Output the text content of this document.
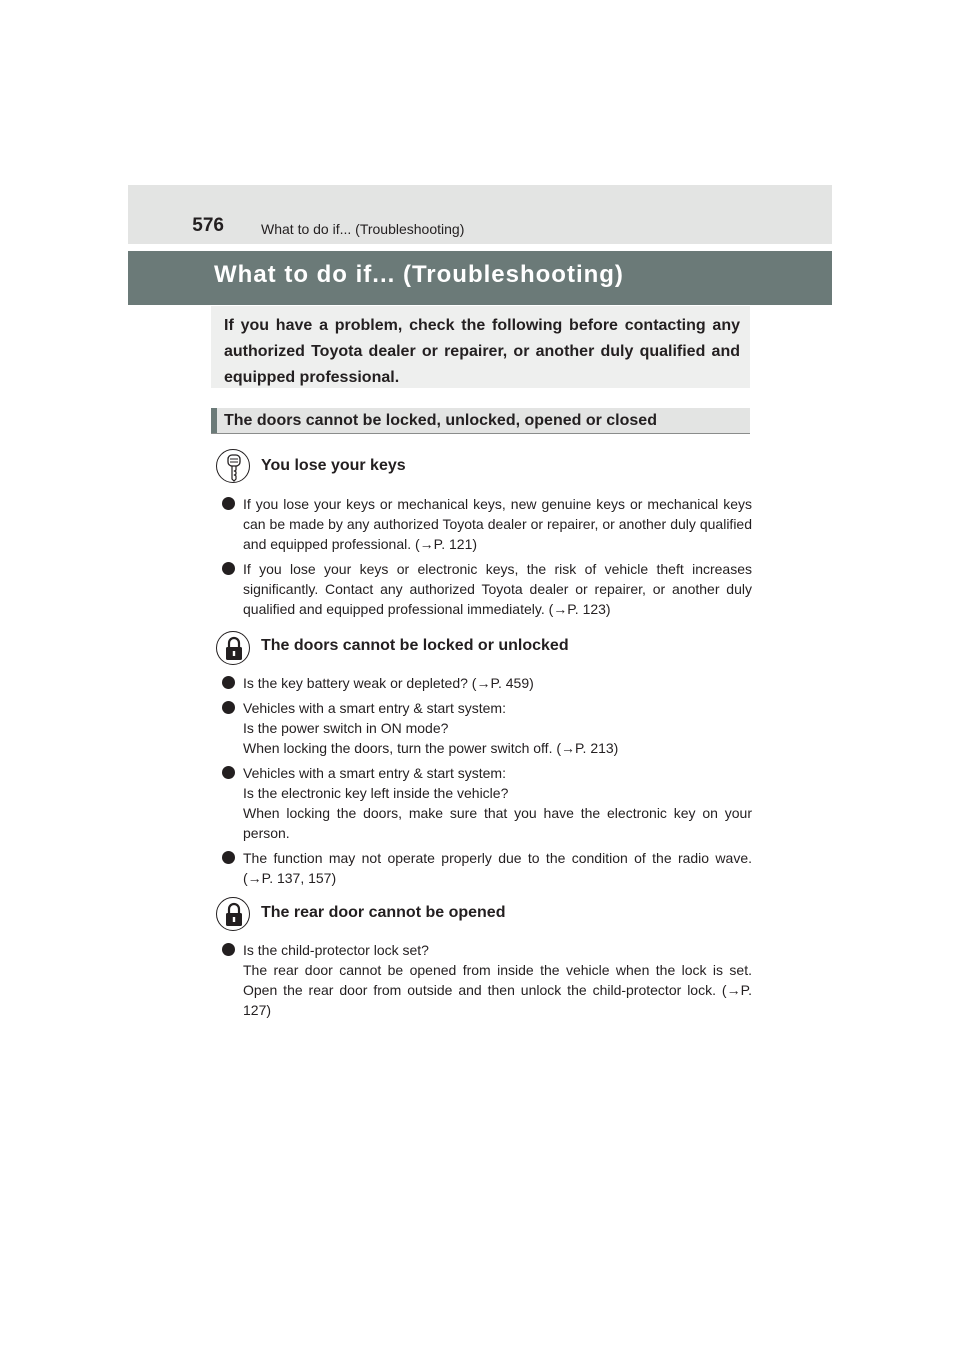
576	What to do if... (Troubleshooting)
What to do if... (Troubleshooting)
If you have a problem, check the following before contacting any authorized Toyota dealer or repairer, or another duly qualified and equipped professional.
The doors cannot be locked, unlocked, opened or closed
You lose your keys
If you lose your keys or mechanical keys, new genuine keys or mechanical keys can be made by any authorized Toyota dealer or repairer, or another duly qualified and equipped professional. (→P. 121)
If you lose your keys or electronic keys, the risk of vehicle theft increases significantly. Contact any authorized Toyota dealer or repairer, or another duly qualified and equipped professional immediately. (→P. 123)
The doors cannot be locked or unlocked
Is the key battery weak or depleted? (→P. 459)
Vehicles with a smart entry & start system:
Is the power switch in ON mode?
When locking the doors, turn the power switch off. (→P. 213)
Vehicles with a smart entry & start system:
Is the electronic key left inside the vehicle?
When locking the doors, make sure that you have the electronic key on your person.
The function may not operate properly due to the condition of the radio wave. (→P. 137, 157)
The rear door cannot be opened
Is the child-protector lock set?
The rear door cannot be opened from inside the vehicle when the lock is set. Open the rear door from outside and then unlock the child-protector lock. (→P. 127)
